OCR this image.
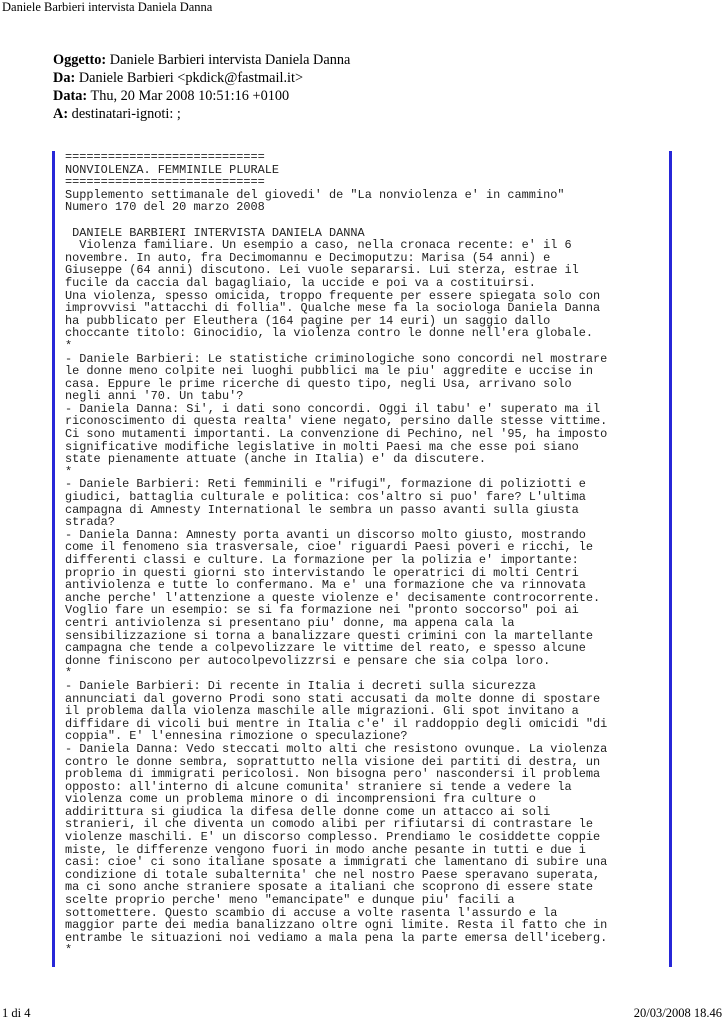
Daniele Barbieri intervista Daniela Danna
Oggetto: Daniele Barbieri intervista Daniela Danna
Da: Daniele Barbieri <pkdick@fastmail.it>
Data: Thu, 20 Mar 2008 10:51:16 +0100
A: destinatari-ignoti: ;
============================
NONVIOLENZA. FEMMINILE PLURALE
============================
Supplemento settimanale del giovedi' de "La nonviolenza e' in cammino"
Numero 170 del 20 marzo 2008
DANIELE BARBIERI INTERVISTA DANIELA DANNA
Violenza familiare. Un esempio a caso, nella cronaca recente: e' il 6
novembre. In auto, fra Decimomannu e Decimoputzu: Marisa (54 anni) e
Giuseppe (64 anni) discutono. Lei vuole separarsi. Lui sterza, estrae il
fucile da caccia dal bagagliaio, la uccide e poi va a costituirsi.
Una violenza, spesso omicida, troppo frequente per essere spiegata solo con
improvvisi "attacchi di follia". Qualche mese fa la sociologa Daniela Danna
ha pubblicato per Eleuthera (164 pagine per 14 euri) un saggio dallo
choccante titolo: Ginocidio, la violenza contro le donne nell'era globale.
*
- Daniele Barbieri: Le statistiche criminologiche sono concordi nel mostrare
le donne meno colpite nei luoghi pubblici ma le piu' aggredite e uccise in
casa. Eppure le prime ricerche di questo tipo, negli Usa, arrivano solo
negli anni '70. Un tabu'?
- Daniela Danna: Si', i dati sono concordi. Oggi il tabu' e' superato ma il
riconoscimento di questa realta' viene negato, persino dalle stesse vittime.
Ci sono mutamenti importanti. La convenzione di Pechino, nel '95, ha imposto
significative modifiche legislative in molti Paesi ma che esse poi siano
state pienamente attuate (anche in Italia) e' da discutere.
*
- Daniele Barbieri: Reti femminili e "rifugi", formazione di poliziotti e
giudici, battaglia culturale e politica: cos'altro si puo' fare? L'ultima
campagna di Amnesty International le sembra un passo avanti sulla giusta
strada?
- Daniela Danna: Amnesty porta avanti un discorso molto giusto, mostrando
come il fenomeno sia trasversale, cioe' riguardi Paesi poveri e ricchi, le
differenti classi e culture. La formazione per la polizia e' importante:
proprio in questi giorni sto intervistando le operatrici di molti Centri
antiviolenza e tutte lo confermano. Ma e' una formazione che va rinnovata
anche perche' l'attenzione a queste violenze e' decisamente controcorrente.
Voglio fare un esempio: se si fa formazione nei "pronto soccorso" poi ai
centri antiviolenza si presentano piu' donne, ma appena cala la
sensibilizzazione si torna a banalizzare questi crimini con la martellante
campagna che tende a colpevolizzare le vittime del reato, e spesso alcune
donne finiscono per autocolpevolizzrsi e pensare che sia colpa loro.
*
- Daniele Barbieri: Di recente in Italia i decreti sulla sicurezza
annunciati dal governo Prodi sono stati accusati da molte donne di spostare
il problema dalla violenza maschile alle migrazioni. Gli spot invitano a
diffidare di vicoli bui mentre in Italia c'e' il raddoppio degli omicidi "di
coppia". E' l'ennesina rimozione o speculazione?
- Daniela Danna: Vedo steccati molto alti che resistono ovunque. La violenza
contro le donne sembra, soprattutto nella visione dei partiti di destra, un
problema di immigrati pericolosi. Non bisogna pero' nascondersi il problema
opposto: all'interno di alcune comunita' straniere si tende a vedere la
violenza come un problema minore o di incomprensioni fra culture o
addirittura si giudica la difesa delle donne come un attacco ai soli
stranieri, il che diventa un comodo alibi per rifiutarsi di contrastare le
violenze maschili. E' un discorso complesso. Prendiamo le cosiddette coppie
miste, le differenze vengono fuori in modo anche pesante in tutti e due i
casi: cioe' ci sono italiane sposate a immigrati che lamentano di subire una
condizione di totale subalternita' che nel nostro Paese speravano superata,
ma ci sono anche straniere sposate a italiani che scoprono di essere state
scelte proprio perche' meno "emancipate" e dunque piu' facili a
sottomettere. Questo scambio di accuse a volte rasenta l'assurdo e la
maggior parte dei media banalizzano oltre ogni limite. Resta il fatto che in
entrambe le situazioni noi vediamo a mala pena la parte emersa dell'iceberg.
*
1 di 4	20/03/2008 18.46
